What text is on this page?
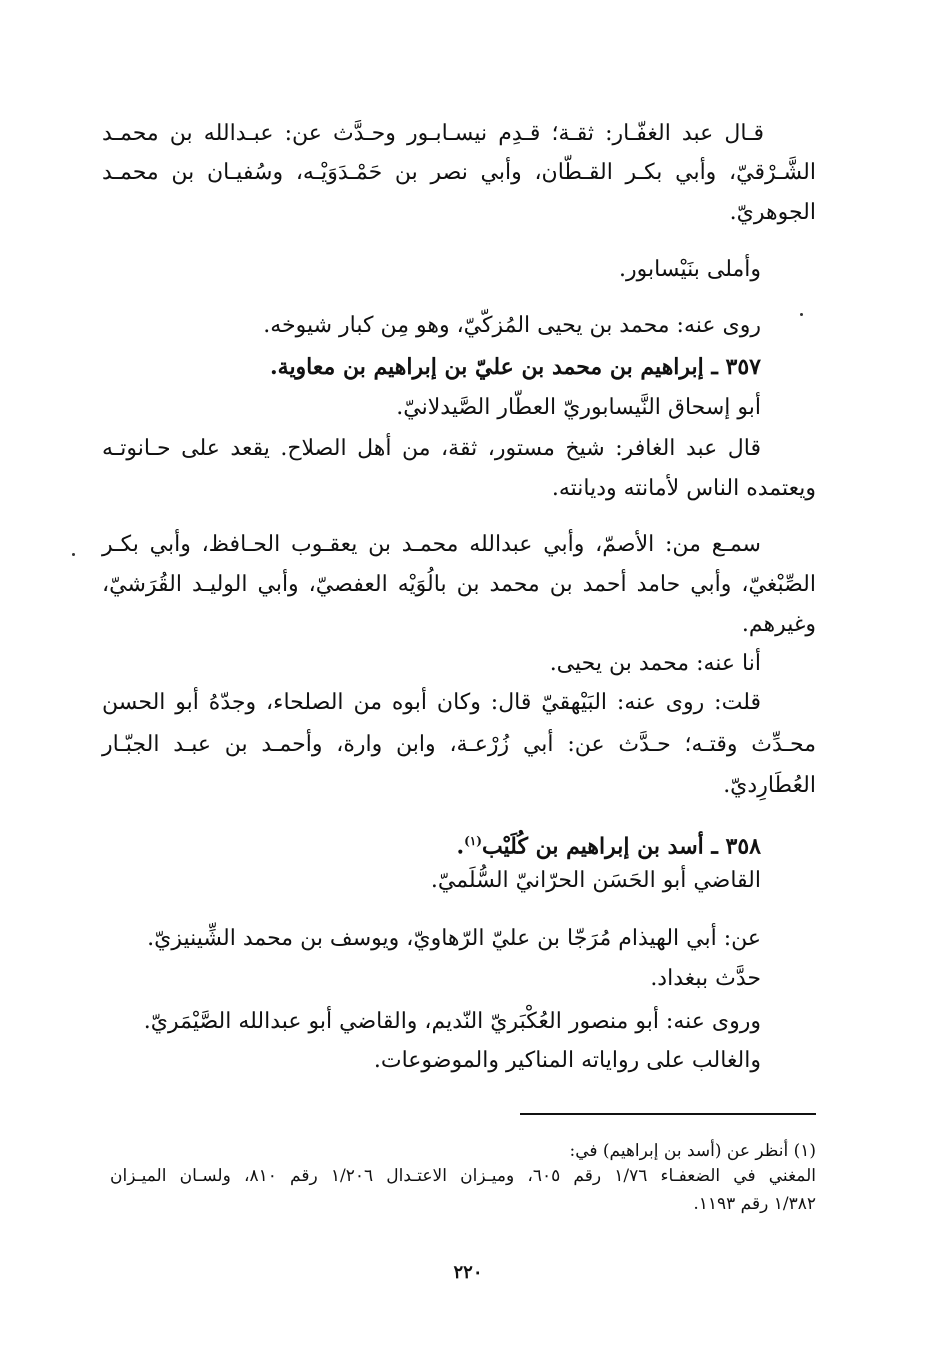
قـال عبد الغفّـار: ثقـة؛ قـدِم نيسـابـور وحـدَّث عن: عبـدالله بن محمـد
الشَّـرْقيّ، وأبي بكـر القـطّان، وأبي نصر بن حَمْـدَوَيْـه، وسُفيـان بن محمـد
الجوهريّ.
وأملى بنَيْسابور.
روى عنه: محمد بن يحيى المُزكّيّ، وهو مِن كبار شيوخه.
٣٥٧ ـ إبراهيم بن محمد بن عليّ بن إبراهيم بن معاوية.
أبو إسحاق النَّيسابوريّ العطّار الصَّيدلانيّ.
قال عبد الغافر: شيخ مستور، ثقة، من أهل الصلاح. يقعد على حـانوتـه
ويعتمده الناس لأمانته وديانته.
سمـع من: الأصمّ، وأبي عبدالله محمـد بن يعقـوب الحـافظ، وأبي بكـر
الصِّبْغيّ، وأبي حامد أحمد بن محمد بن بالُوَيْه العفصيّ، وأبي الوليـد القُرَشيّ،
وغيرهم.
أنا عنه: محمد بن يحيى.
قلت: روى عنه: البَيْهقيّ قال: وكان أبوه من الصلحاء، وجدّهُ أبو الحسن
محـدِّث وقتـه؛ حـدَّث عن: أبي زُرْعـة، وابن وارة، وأحمـد بن عبـد الجبّـار
العُطَارِديّ.
٣٥٨ ـ أسد بن إبراهيم بن كُلَيْب$^{(١)}$.
القاضي أبو الحَسَن الحرّانيّ السُّلَميّ.
عن: أبي الهيذام مُرَجّا بن عليّ الرّهاويّ، ويوسف بن محمد الشِّينيزيّ.
حدَّث ببغداد.
وروى عنه: أبو منصور العُكْبَريّ النّديم، والقاضي أبو عبدالله الصَّيْمَريّ.
والغالب على رواياته المناكير والموضوعات.
(١) أنظر عن (أسد بن إبراهيم) في:
المغني في الضعفـاء ١/٧٦ رقم ٦٠٥، وميـزان الاعتـدال ١/٢٠٦ رقم ٨١٠، ولسـان الميـزان
١/٣٨٢ رقم ١١٩٣.
٢٢٠
